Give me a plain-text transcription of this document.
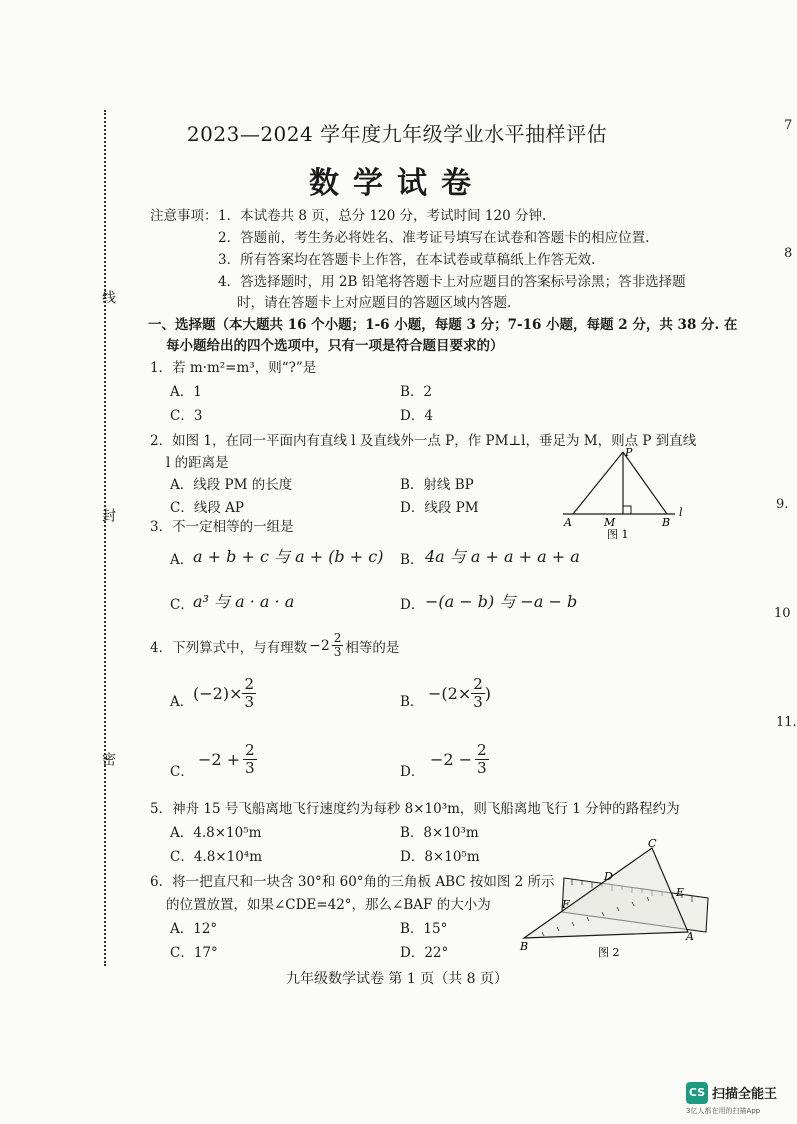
线
封
密
7
8
9.
10
11.
2023—2024 学年度九年级学业水平抽样评估
数学试卷
注意事项： 1．本试卷共 8 页，总分 120 分，考试时间 120 分钟.
2．答题前，考生务必将姓名、准考证号填写在试卷和答题卡的相应位置.
3．所有答案均在答题卡上作答，在本试卷或草稿纸上作答无效.
4．答选择题时，用 2B 铅笔将答题卡上对应题目的答案标号涂黑；答非选择题
时，请在答题卡上对应题目的答题区域内答题.
一、选择题（本大题共 16 个小题；1-6 小题，每题 3 分；7-16 小题，每题 2 分，共 38 分. 在
每小题给出的四个选项中，只有一项是符合题目要求的）
1．若 m·m²=m³，则“?”是
A．1	B．2
C．3	D．4
2．如图 1，在同一平面内有直线 l 及直线外一点 P，作 PM⊥l，垂足为 M，则点 P 到直线
l 的距离是
A．线段 PM 的长度	B．射线 BP
C．线段 AP	D．线段 PM
P
A	M	B
l
图 1
3．不一定相等的一组是
A． a + b + c 与 a + (b + c) B． 4a 与 a + a + a + a
C． a³ 与 a · a · a	D． −(a − b) 与 −a − b
4．下列算式中，与有理数 $-2 \frac{2}{3}$ 相等的是
A． $(-2)\times \frac{2}{3}$	B． $-(2\times \frac{2}{3}$ )
C．
$-2 + \frac{2}{3}$	D．
$-2 - \frac{2}{3}$
5．神舟 15 号飞船离地飞行速度约为每秒 8×10³m，则飞船离地飞行 1 分钟的路程约为
A．4.8×10⁵m	B．8×10³m
C．4.8×10⁴m	D．8×10⁵m
6．将一把直尺和一块含 30°和 60°角的三角板 ABC 按如图 2 所示
的位置放置，如果∠CDE=42°，那么∠BAF 的大小为
A．12°	B．15°
C．17°	D．22°
C
D
E
F
B
A
图 2
九年级数学试卷 第 1 页（共 8 页）
CS 扫描全能王
3亿人都在用的扫描App
